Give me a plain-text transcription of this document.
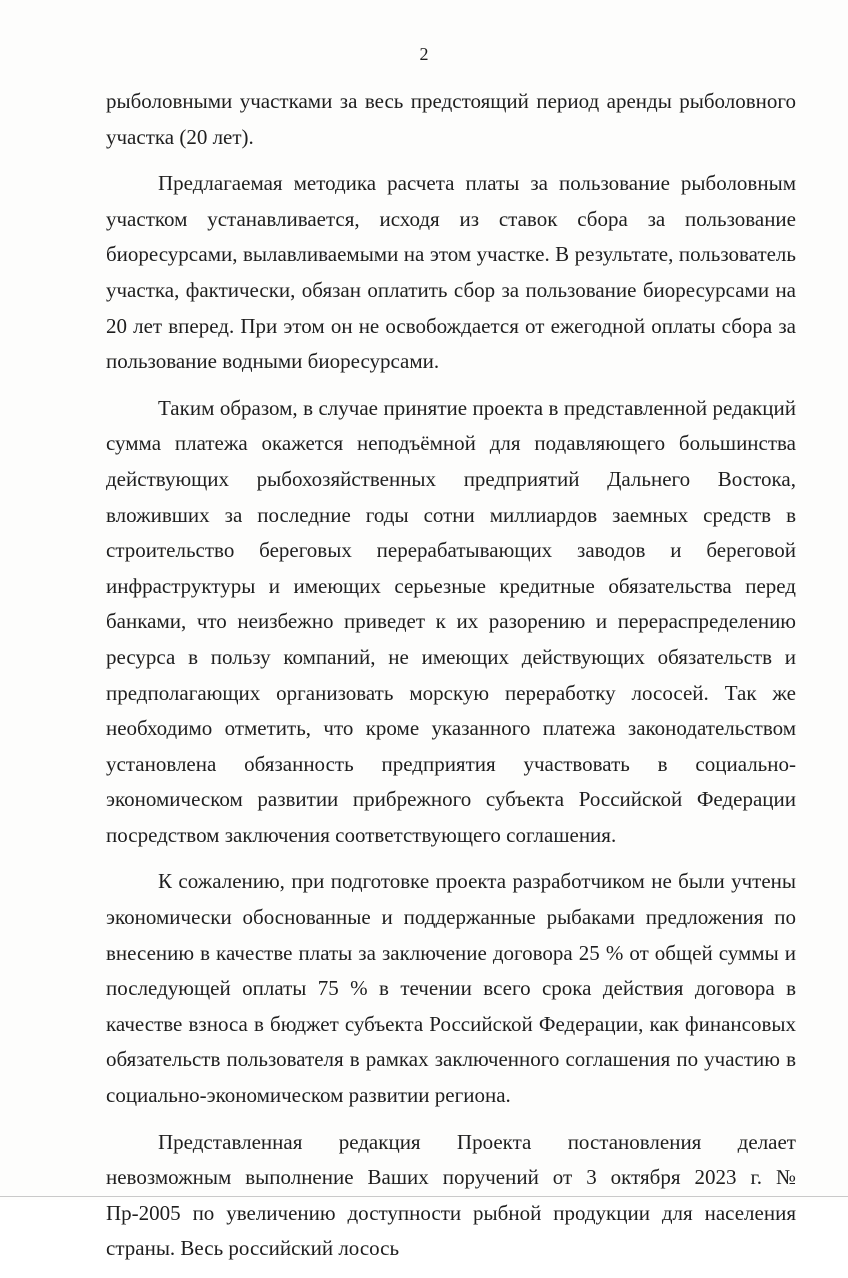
2

рыболовными участками за весь предстоящий период аренды рыболовного участка (20 лет).

Предлагаемая методика расчета платы за пользование рыболовным участком устанавливается, исходя из ставок сбора за пользование биоресурсами, вылавливаемыми на этом участке. В результате, пользователь участка, фактически, обязан оплатить сбор за пользование биоресурсами на 20 лет вперед. При этом он не освобождается от ежегодной оплаты сбора за пользование водными биоресурсами.

Таким образом, в случае принятие проекта в представленной редакций сумма платежа окажется неподъёмной для подавляющего большинства действующих рыбохозяйственных предприятий Дальнего Востока, вложивших за последние годы сотни миллиардов заемных средств в строительство береговых перерабатывающих заводов и береговой инфраструктуры и имеющих серьезные кредитные обязательства перед банками, что неизбежно приведет к их разорению и перераспределению ресурса в пользу компаний, не имеющих действующих обязательств и предполагающих организовать морскую переработку лососей. Так же необходимо отметить, что кроме указанного платежа законодательством установлена обязанность предприятия участвовать в социально-экономическом развитии прибрежного субъекта Российской Федерации посредством заключения соответствующего соглашения.

К сожалению, при подготовке проекта разработчиком не были учтены экономически обоснованные и поддержанные рыбаками предложения по внесению в качестве платы за заключение договора 25 % от общей суммы и последующей оплаты 75 % в течении всего срока действия договора в качестве взноса в бюджет субъекта Российской Федерации, как финансовых обязательств пользователя в рамках заключенного соглашения по участию в социально-экономическом развитии региона.

Представленная редакция Проекта постановления делает невозможным выполнение Ваших поручений от 3 октября 2023 г. № Пр-2005 по увеличению доступности рыбной продукции для населения страны. Весь российский лосось
